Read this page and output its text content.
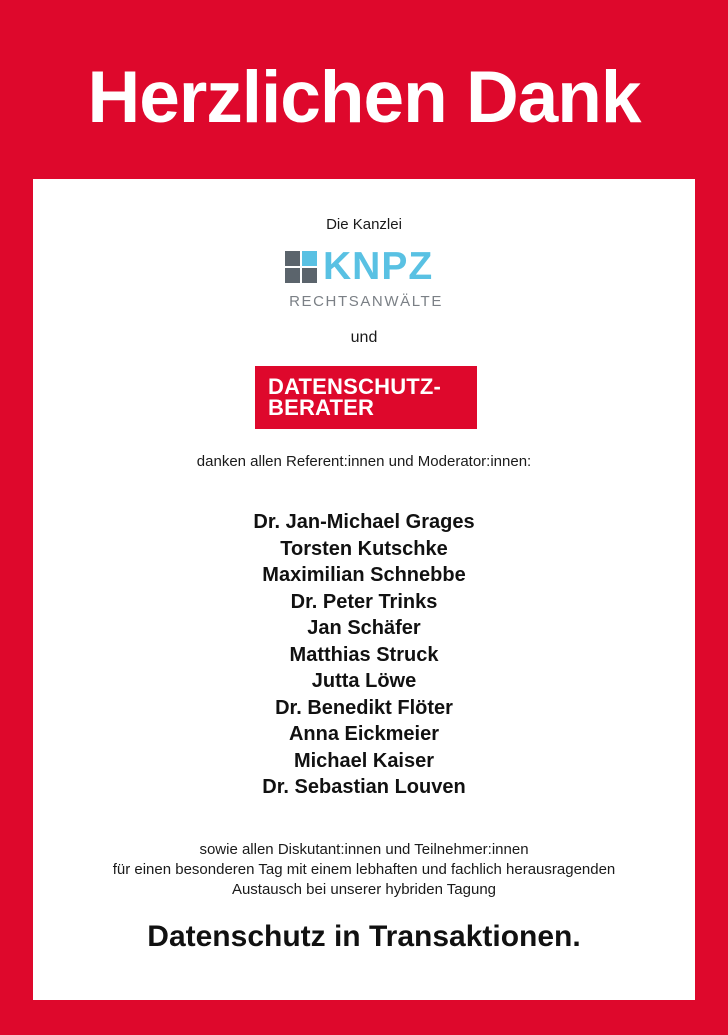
Herzlichen Dank
Die Kanzlei
KNPZ
RECHTSANWÄLTE
und
DATENSCHUTZ-
BERATER
danken allen Referent:innen und Moderator:innen:
Dr. Jan-Michael Grages
Torsten Kutschke
Maximilian Schnebbe
Dr. Peter Trinks
Jan Schäfer
Matthias Struck
Jutta Löwe
Dr. Benedikt Flöter
Anna Eickmeier
Michael Kaiser
Dr. Sebastian Louven
sowie allen Diskutant:innen und Teilnehmer:innen
für einen besonderen Tag mit einem lebhaften und fachlich herausragenden
Austausch bei unserer hybriden Tagung
Datenschutz in Transaktionen.
